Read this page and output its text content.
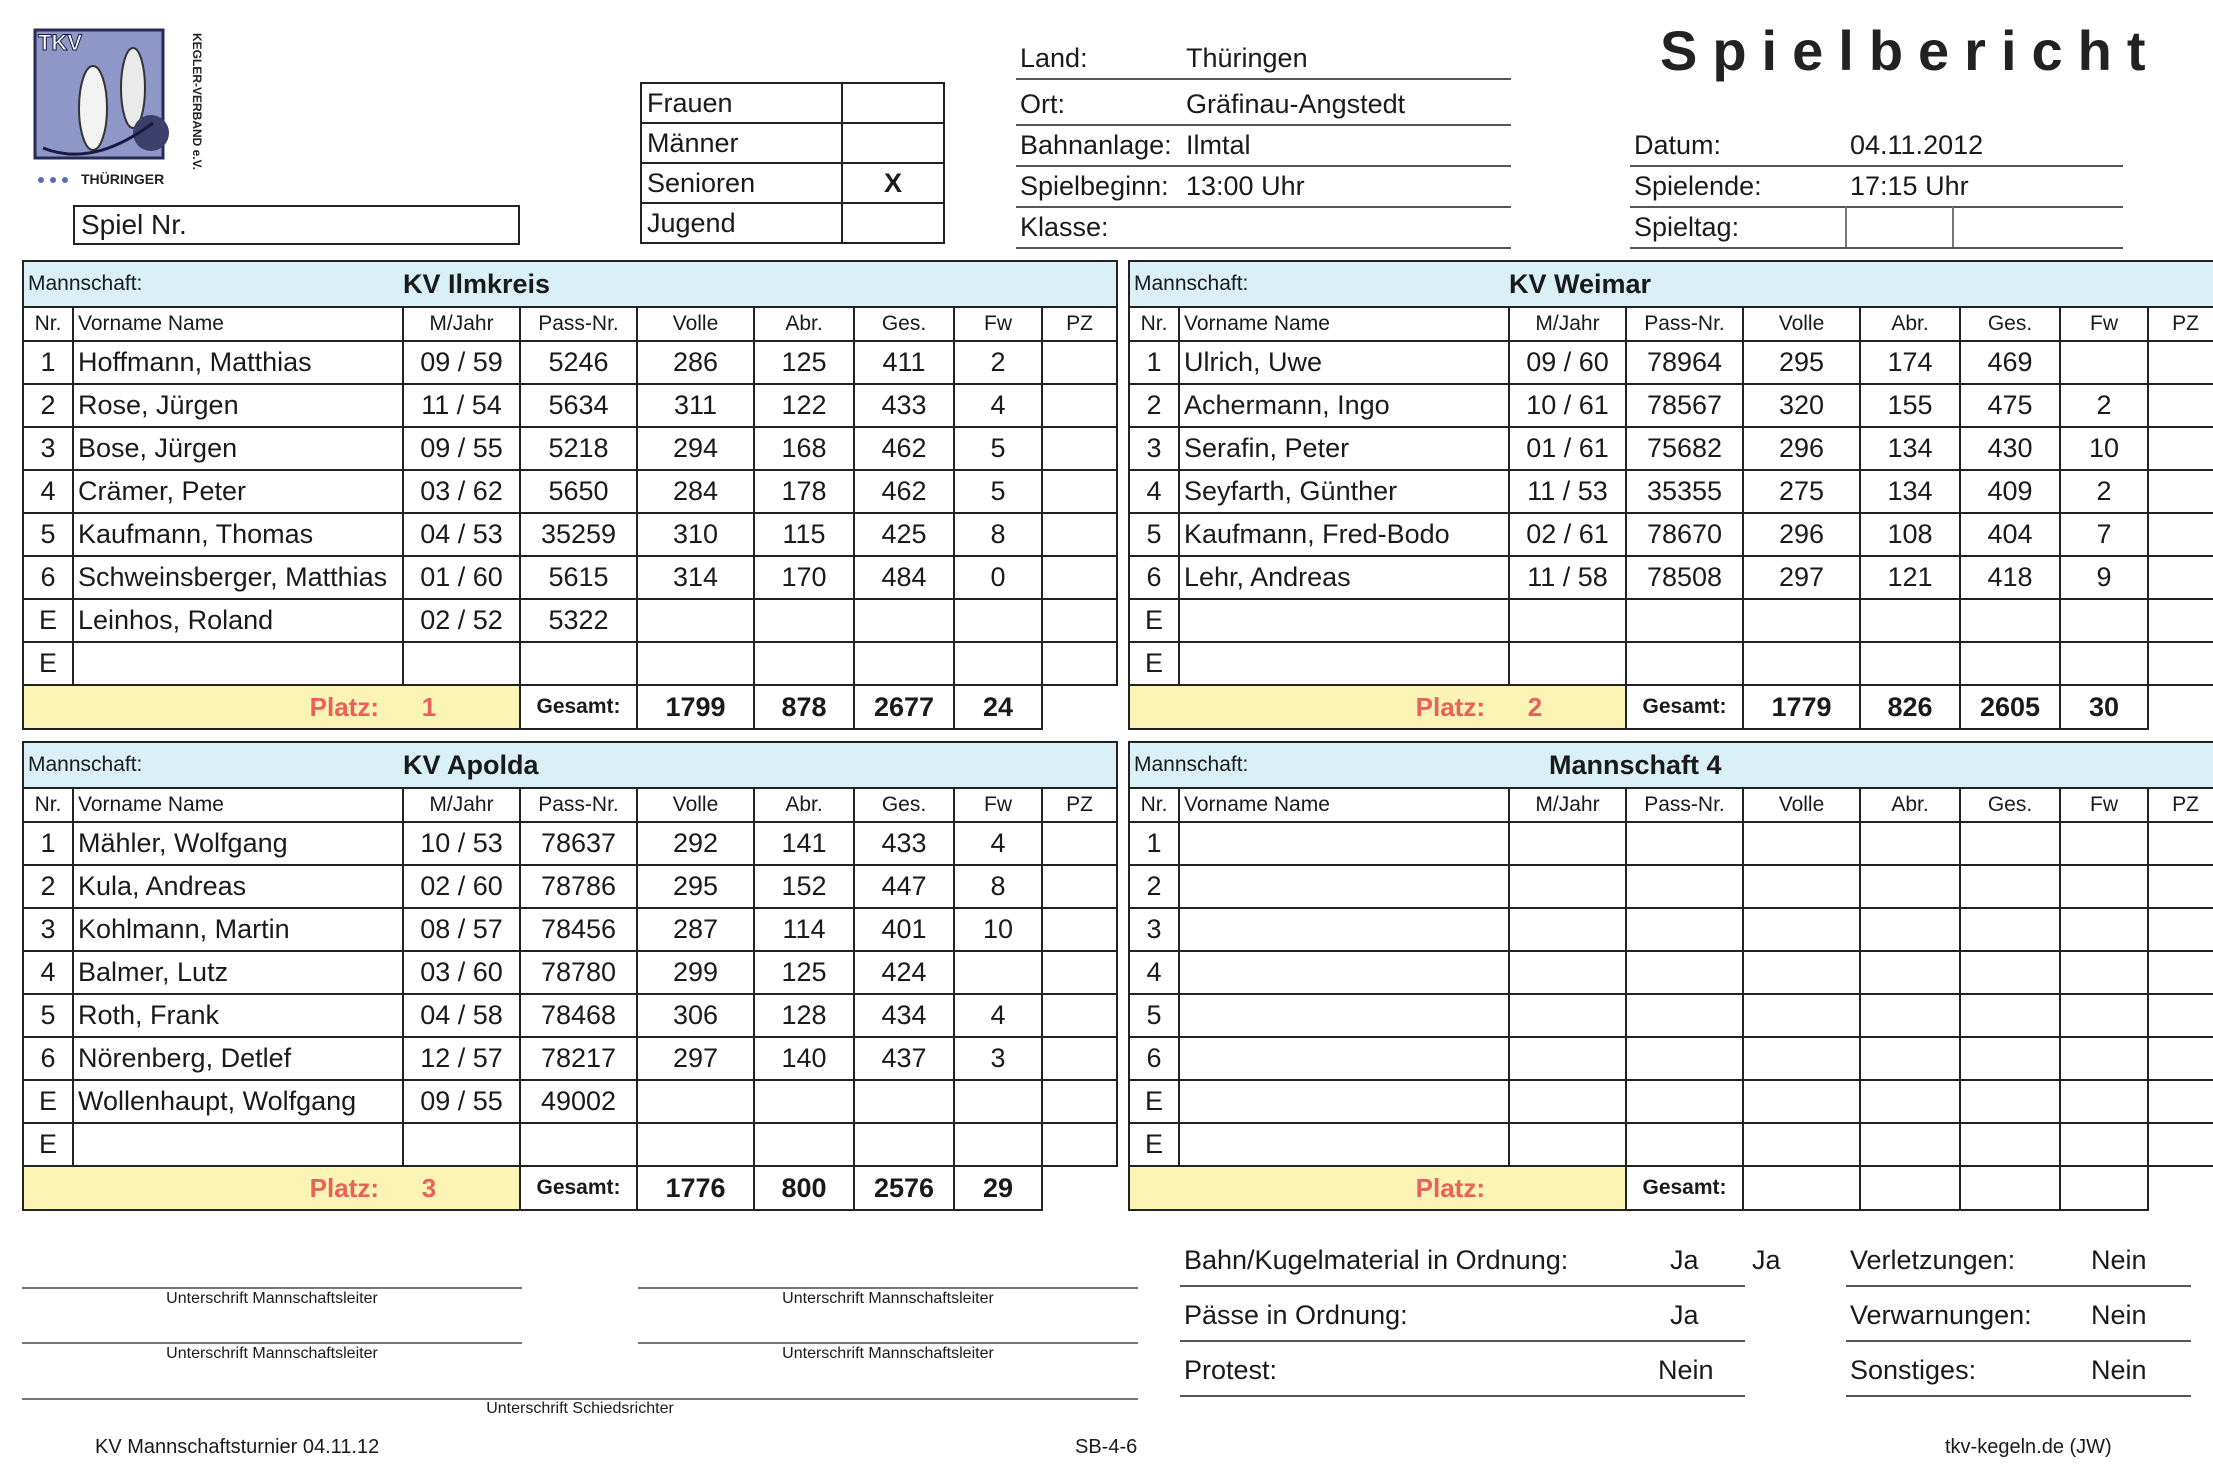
TKV
THÜRINGER
KEGLER-VERBAND e.V.	Spielbericht
Spiel Nr.
Frauen	
Männer	
Senioren	X
Jugend	
Land:	Thüringen
Ort:	Gräfinau-Angstedt
Bahnanlage: Ilmtal
Spielbeginn: 13:00 Uhr
Klasse:
Datum:	04.11.2012
Spielende:	17:15 Uhr
Spieltag:
Mannschaft:		KV Ilmkreis						
Nr.	Vorname Name	M/Jahr	Pass-Nr.	Volle	Abr.	Ges.	Fw	PZ
1	Hoffmann, Matthias	09 / 59	5246	286	125	411	2	
2	Rose, Jürgen	11 / 54	5634	311	122	433	4	
3	Bose, Jürgen	09 / 55	5218	294	168	462	5	
4	Crämer, Peter	03 / 62	5650	284	178	462	5	
5	Kaufmann, Thomas	04 / 53	35259	310	115	425	8	
6	Schweinsberger, Matthias	01 / 60	5615	314	170	484	0	
E	Leinhos, Roland	02 / 52	5322					
E								
Platz: 1			Gesamt:	1799	878	2677	24	
Mannschaft:		KV Weimar						
Nr.	Vorname Name	M/Jahr	Pass-Nr.	Volle	Abr.	Ges.	Fw	PZ
1	Ulrich, Uwe	09 / 60	78964	295	174	469		
2	Achermann, Ingo	10 / 61	78567	320	155	475	2	
3	Serafin, Peter	01 / 61	75682	296	134	430	10	
4	Seyfarth, Günther	11 / 53	35355	275	134	409	2	
5	Kaufmann, Fred-Bodo	02 / 61	78670	296	108	404	7	
6	Lehr, Andreas	11 / 58	78508	297	121	418	9	
E								
E								
Platz: 2			Gesamt:	1779	826	2605	30	
Mannschaft:		KV Apolda						
Nr.	Vorname Name	M/Jahr	Pass-Nr.	Volle	Abr.	Ges.	Fw	PZ
1	Mähler, Wolfgang	10 / 53	78637	292	141	433	4	
2	Kula, Andreas	02 / 60	78786	295	152	447	8	
3	Kohlmann, Martin	08 / 57	78456	287	114	401	10	
4	Balmer, Lutz	03 / 60	78780	299	125	424		
5	Roth, Frank	04 / 58	78468	306	128	434	4	
6	Nörenberg, Detlef	12 / 57	78217	297	140	437	3	
E	Wollenhaupt, Wolfgang	09 / 55	49002					
E								
Platz: 3			Gesamt:	1776	800	2576	29	
Mannschaft:		Mannschaft 4						
Nr.	Vorname Name	M/Jahr	Pass-Nr.	Volle	Abr.	Ges.	Fw	PZ
1								
2								
3								
4								
5								
6								
E								
E								
Platz:			Gesamt:					
Unterschrift Mannschaftsleiter
Unterschrift Mannschaftsleiter
Unterschrift Mannschaftsleiter
Unterschrift Mannschaftsleiter
Unterschrift Schiedsrichter
Bahn/Kugelmaterial in Ordnung:	Ja Ja
Pässe in Ordnung:	Ja
Protest:	Nein
Verletzungen:	Nein
Verwarnungen: Nein
Sonstiges:	Nein
KV Mannschaftsturnier 04.11.12	SB-4-6	tkv-kegeln.de (JW)
